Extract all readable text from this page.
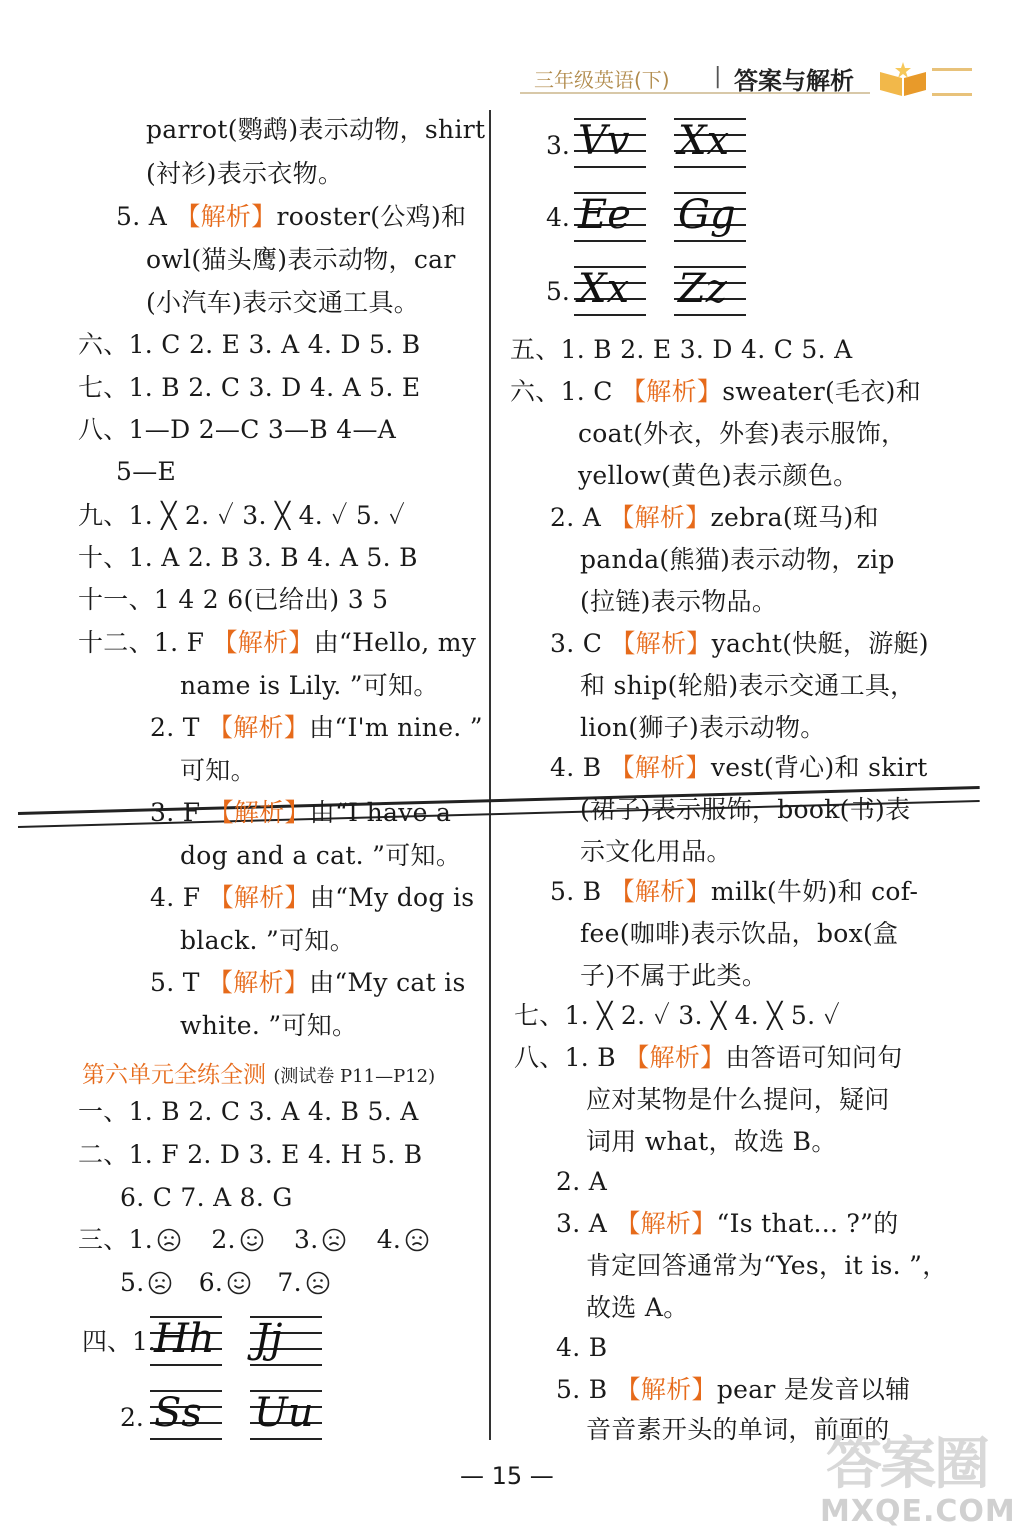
三年级英语(下) | 答案与解析
parrot(鹦鹉)表示动物，shirt
(衬衫)表示衣物。
5. A 【解析】rooster(公鸡)和
owl(猫头鹰)表示动物，car
(小汽车)表示交通工具。
六、1. C 2. E 3. A 4. D 5. B
七、1. B 2. C 3. D 4. A 5. E
八、1—D 2—C 3—B 4—A
5—E
九、1. ╳ 2. ✓ 3. ╳ 4. ✓ 5. ✓
十、1. A 2. B 3. B 4. A 5. B
十一、1 4 2 6(已给出) 3 5
十二、1. F 【解析】由“Hello, my
name is Lily. ”可知。
2. T 【解析】由“I'm nine. ”
可知。
3. F 【解析】由“I have a
dog and a cat. ”可知。
4. F 【解析】由“My dog is
black. ”可知。
5. T 【解析】由“My cat is
white. ”可知。
第六单元全练全测 (测试卷 P11—P12)
一、1. B 2. C 3. A 4. B 5. A
二、1. F 2. D 3. E 4. H 5. B
6. C 7. A 8. G
三、1. 2. 3. 4.
5. 6. 7.
四、1.
Hh Jj
2. Ss Uu
3. Vv Xx
4. Ee Gg
5. Xx Zz
五、1. B 2. E 3. D 4. C 5. A
六、1. C 【解析】sweater(毛衣)和
coat(外衣，外套)表示服饰，
yellow(黄色)表示颜色。
2. A 【解析】zebra(斑马)和
panda(熊猫)表示动物，zip
(拉链)表示物品。
3. C 【解析】yacht(快艇，游艇)
和 ship(轮船)表示交通工具，
lion(狮子)表示动物。
4. B 【解析】vest(背心)和 skirt
(裙子)表示服饰，book(书)表
示文化用品。
5. B 【解析】milk(牛奶)和 cof-
fee(咖啡)表示饮品，box(盒
子)不属于此类。
七、1. ╳ 2. ✓ 3. ╳ 4. ╳ 5. ✓
八、1. B 【解析】由答语可知问句
应对某物是什么提问，疑问
词用 what，故选 B。
2. A
3. A 【解析】“Is that... ?”的
肯定回答通常为“Yes，it is. ”，
故选 A。
4. B
5. B 【解析】pear 是发音以辅
音音素开头的单词，前面的
— 15 —	答案圈
MXQE.COM
